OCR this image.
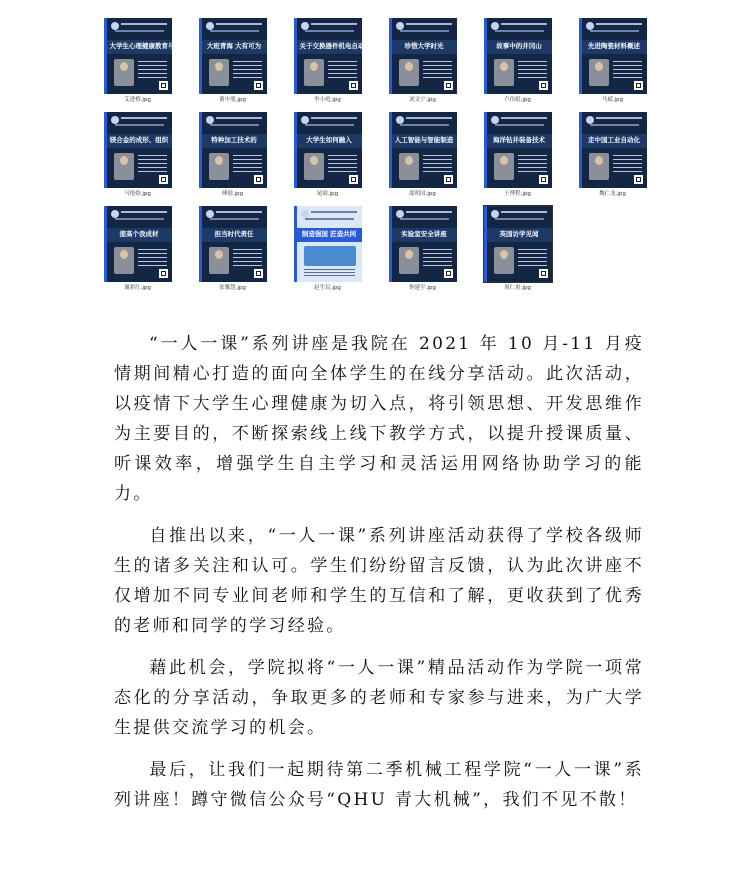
大学生心理健康教育与训练
艾进桥.jpg
大班青海 大有可为
董中朋.jpg
关于交换器件机电自动
李小庭.jpg
珍惜大学时光
刘文宁.jpg
故事中的井冈山
卢伟娟.jpg
先进陶瓷材料概述
马斌.jpg
镁合金的成形、组织
马艳姣.jpg
特种加工技术的
傅婧.jpg
大学生如何融入
尾婧.jpg
人工智能与智能制造
邵明国.jpg
海洋钻井装备技术
王博程.jpg
走中国工业自动化
魏仁龙.jpg
提高个我成材
谢彩红.jpg
担当时代责任
张馨慧.jpg
制造强国 匠造共同
赵生民.jpg
实验室安全讲座
钟建平.jpg
英国访学见闻
周仁甫.jpg

“一人一课”系列讲座是我院在 2021 年 10 月-11 月疫情期间精心打造的面向全体学生的在线分享活动。此次活动，以疫情下大学生心理健康为切入点，将引领思想、开发思维作为主要目的，不断探索线上线下教学方式，以提升授课质量、听课效率，增强学生自主学习和灵活运用网络协助学习的能力。

自推出以来，“一人一课”系列讲座活动获得了学校各级师生的诸多关注和认可。学生们纷纷留言反馈，认为此次讲座不仅增加不同专业间老师和学生的互信和了解，更收获到了优秀的老师和同学的学习经验。

藉此机会，学院拟将“一人一课”精品活动作为学院一项常态化的分享活动，争取更多的老师和专家参与进来，为广大学生提供交流学习的机会。

最后，让我们一起期待第二季机械工程学院“一人一课”系列讲座！蹲守微信公众号“QHU 青大机械”，我们不见不散！
